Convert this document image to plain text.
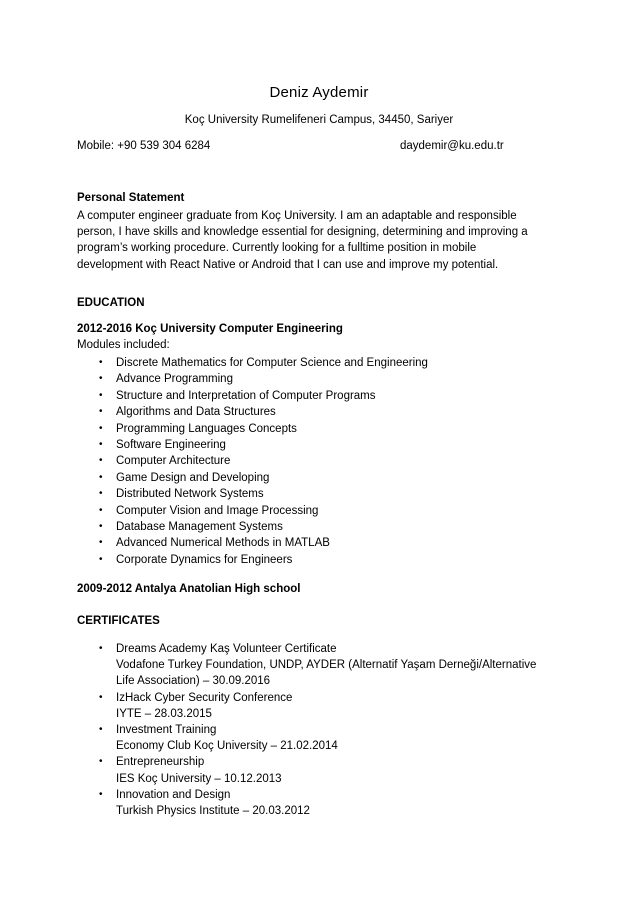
Deniz Aydemir
Koç University Rumelifeneri Campus, 34450, Sariyer
Mobile: +90 539 304 6284	daydemir@ku.edu.tr
Personal Statement
A computer engineer graduate from Koç University. I am an adaptable and responsible
person, I have skills and knowledge essential for designing, determining and improving a
program’s working procedure. Currently looking for a fulltime position in mobile
development with React Native or Android that I can use and improve my potential.
EDUCATION
2012-2016 Koç University Computer Engineering
Modules included:
• Discrete Mathematics for Computer Science and Engineering
• Advance Programming
• Structure and Interpretation of Computer Programs
• Algorithms and Data Structures
• Programming Languages Concepts
• Software Engineering
• Computer Architecture
• Game Design and Developing
• Distributed Network Systems
• Computer Vision and Image Processing
• Database Management Systems
• Advanced Numerical Methods in MATLAB
• Corporate Dynamics for Engineers
2009-2012 Antalya Anatolian High school
CERTIFICATES
• Dreams Academy Kaş Volunteer Certificate
Vodafone Turkey Foundation, UNDP, AYDER (Alternatif Yaşam Derneği/Alternative
Life Association) – 30.09.2016
• IzHack Cyber Security Conference
IYTE – 28.03.2015
• Investment Training
Economy Club Koç University – 21.02.2014
• Entrepreneurship
IES Koç University – 10.12.2013
• Innovation and Design
Turkish Physics Institute – 20.03.2012
